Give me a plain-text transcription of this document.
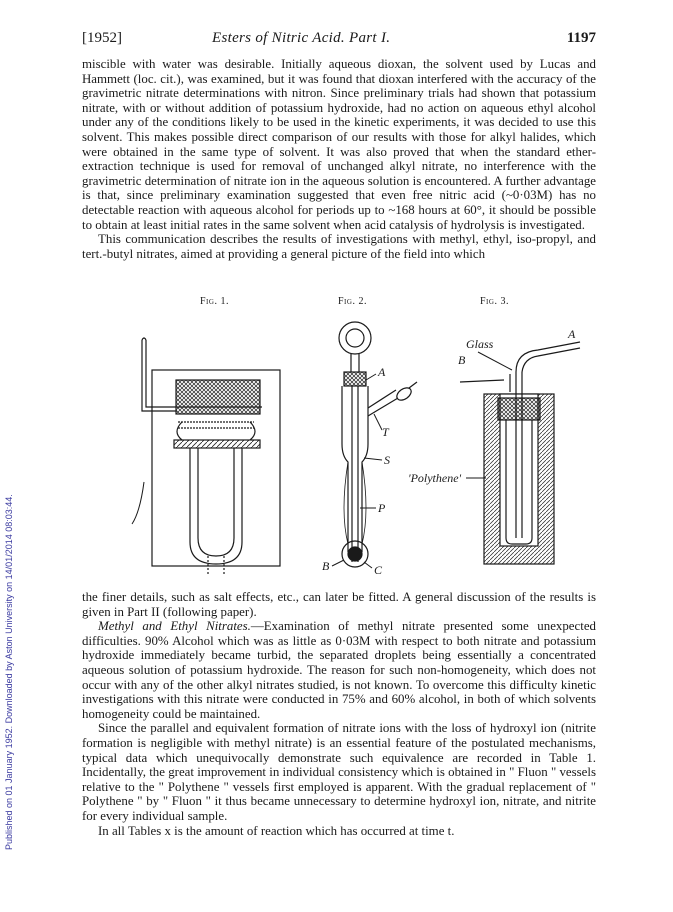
Published on 01 January 1952. Downloaded by Aston University on 14/01/2014 08:03:44.
[1952]	Esters of Nitric Acid. Part I.	1197

miscible with water was desirable. Initially aqueous dioxan, the solvent used by Lucas and Hammett (loc. cit.), was examined, but it was found that dioxan interfered with the accuracy of the gravimetric nitrate determinations with nitron. Since preliminary trials had shown that potassium nitrate, with or without addition of potassium hydroxide, had no action on aqueous ethyl alcohol under any of the conditions likely to be used in the kinetic experiments, it was decided to use this solvent. This makes possible direct comparison of our results with those for alkyl halides, which were obtained in the same type of solvent. It was also proved that when the standard ether-extraction technique is used for removal of unchanged alkyl nitrate, no interference with the gravimetric determination of nitrate ion in the aqueous solution is encountered. A further advantage is that, since preliminary examination suggested that even free nitric acid (~0·03M) has no detectable reaction with aqueous alcohol for periods up to ~168 hours at 60°, it should be possible to obtain at least initial rates in the same solvent when acid catalysis of hydrolysis is investigated.

This communication describes the results of investigations with methyl, ethyl, iso-propyl, and tert.-butyl nitrates, aimed at providing a general picture of the field into which

Fig. 1.	Fig. 2.	Fig. 3.
A
T
S
P
B	C
Glass
A
B
'Polythene'

the finer details, such as salt effects, etc., can later be fitted. A general discussion of the results is given in Part II (following paper).

Methyl and Ethyl Nitrates.—Examination of methyl nitrate presented some unexpected difficulties. 90% Alcohol which was as little as 0·03M with respect to both nitrate and potassium hydroxide immediately became turbid, the separated droplets being essentially a concentrated aqueous solution of potassium hydroxide. The reason for such non-homogeneity, which does not occur with any of the other alkyl nitrates studied, is not known. To overcome this difficulty kinetic investigations with this nitrate were conducted in 75% and 60% alcohol, in both of which solvents homogeneity could be maintained.

Since the parallel and equivalent formation of nitrate ions with the loss of hydroxyl ion (nitrite formation is negligible with methyl nitrate) is an essential feature of the postulated mechanisms, typical data which unequivocally demonstrate such equivalence are recorded in Table 1. Incidentally, the great improvement in individual consistency which is obtained in " Fluon " vessels relative to the " Polythene " vessels first employed is apparent. With the gradual replacement of " Polythene " by " Fluon " it thus became unnecessary to determine hydroxyl ion, nitrate, and nitrite for every individual sample.

In all Tables x is the amount of reaction which has occurred at time t.
